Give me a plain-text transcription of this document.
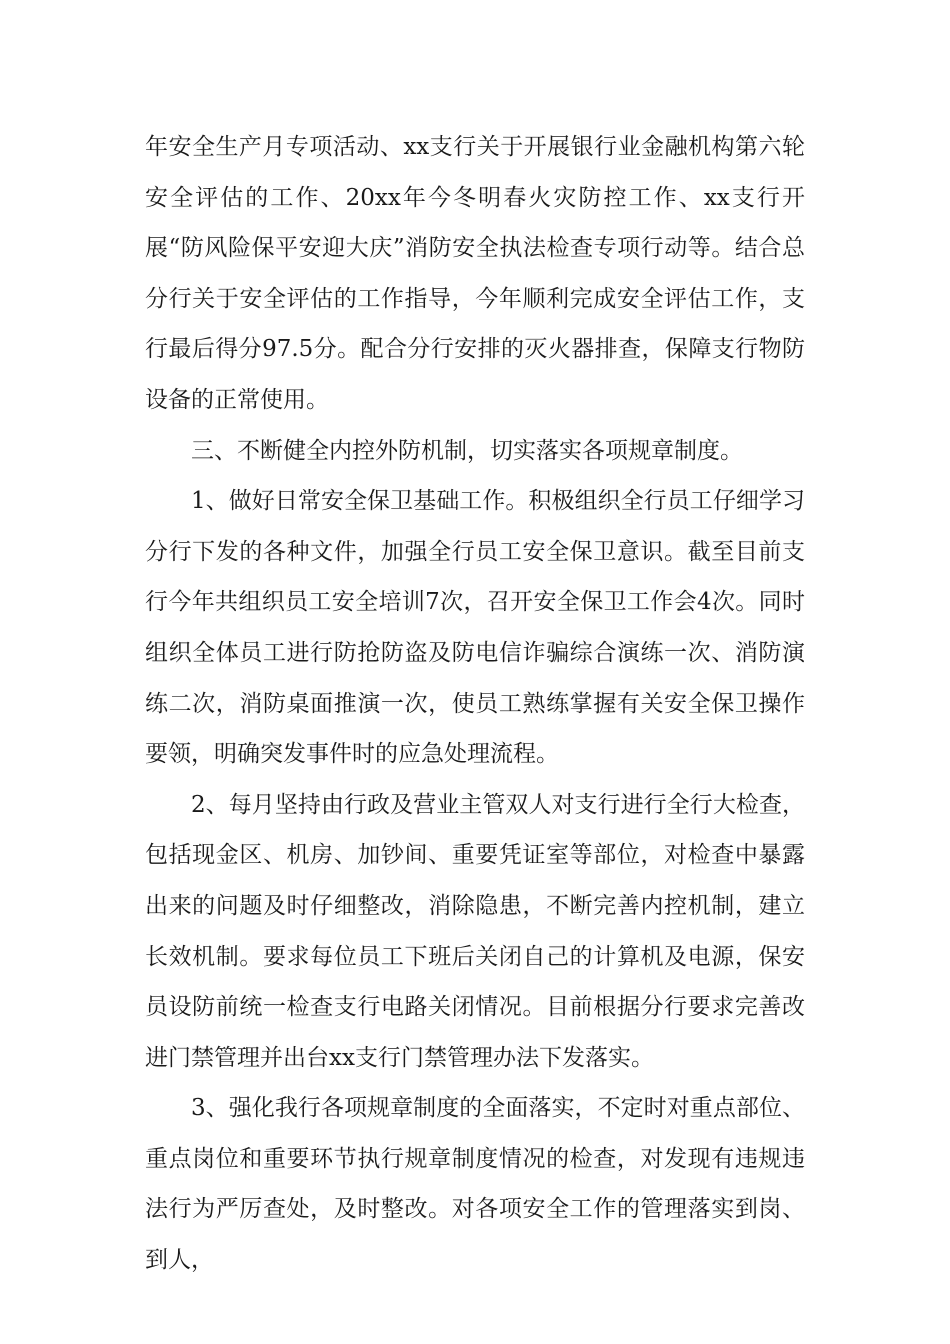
年安全生产月专项活动、xx支行关于开展银行业金融机构第六轮安全评估的工作、20xx年今冬明春火灾防控工作、xx支行开展“防风险保平安迎大庆”消防安全执法检查专项行动等。结合总分行关于安全评估的工作指导，今年顺利完成安全评估工作，支行最后得分97.5分。配合分行安排的灭火器排查，保障支行物防设备的正常使用。

三、不断健全内控外防机制，切实落实各项规章制度。

1、做好日常安全保卫基础工作。积极组织全行员工仔细学习分行下发的各种文件，加强全行员工安全保卫意识。截至目前支行今年共组织员工安全培训7次，召开安全保卫工作会4次。同时组织全体员工进行防抢防盗及防电信诈骗综合演练一次、消防演练二次，消防桌面推演一次，使员工熟练掌握有关安全保卫操作要领，明确突发事件时的应急处理流程。

2、每月坚持由行政及营业主管双人对支行进行全行大检查，包括现金区、机房、加钞间、重要凭证室等部位，对检查中暴露出来的问题及时仔细整改，消除隐患，不断完善内控机制，建立长效机制。要求每位员工下班后关闭自己的计算机及电源，保安员设防前统一检查支行电路关闭情况。目前根据分行要求完善改进门禁管理并出台xx支行门禁管理办法下发落实。

3、强化我行各项规章制度的全面落实，不定时对重点部位、重点岗位和重要环节执行规章制度情况的检查，对发现有违规违法行为严厉查处，及时整改。对各项安全工作的管理落实到岗、到人，
